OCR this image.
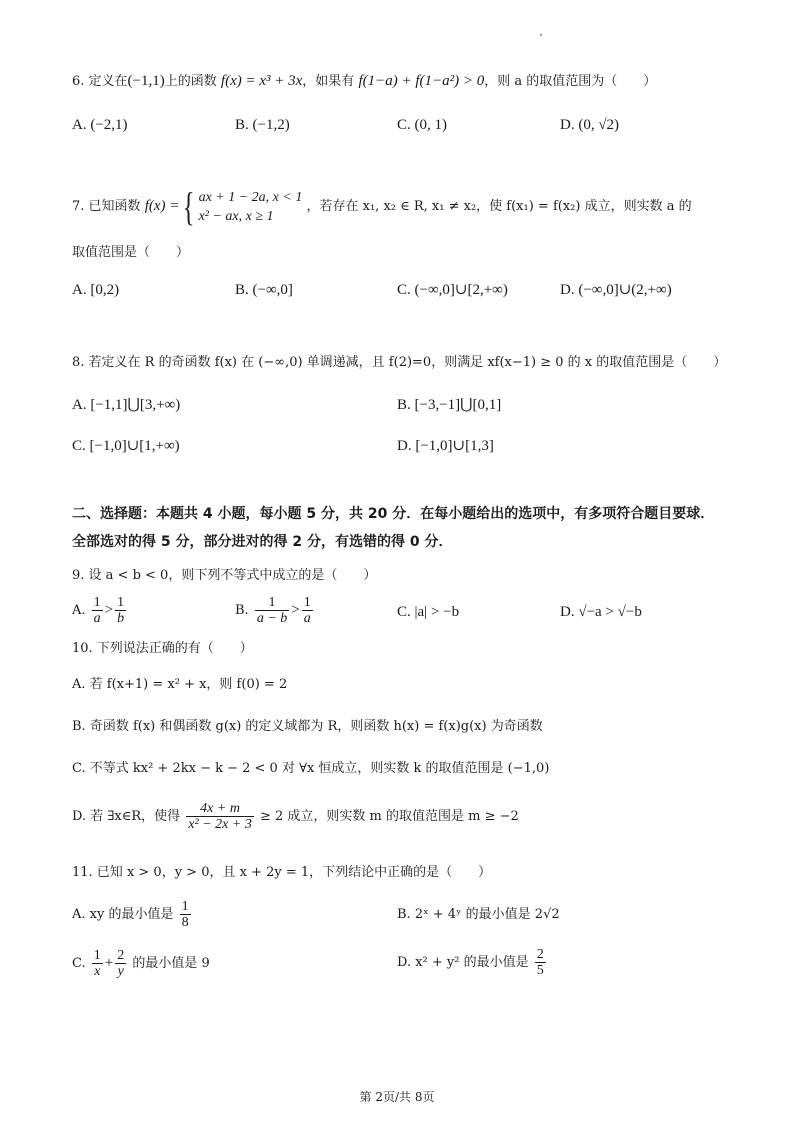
6. 定义在(−1,1)上的函数 f(x) = x³ + 3x，如果有 f(1−a) + f(1−a²) > 0，则 a 的取值范围为（　　）
A. (−2,1)	B. (−1,2)	C. (0, 1)	D. (0, √2)
7. 已知函数 f(x) ={ ax + 1 − 2a, x < 1
x² − ax, x ≥ 1
，若存在 x₁, x₂ ∈ R, x₁ ≠ x₂，使 f(x₁) = f(x₂) 成立，则实数 a 的
取值范围是（　　）
A. [0,2)	B. (−∞,0]	C. (−∞,0]∪[2,+∞)	D. (−∞,0]∪(2,+∞)
8. 若定义在 R 的奇函数 f(x) 在 (−∞,0) 单调递减，且 f(2)=0，则满足 xf(x−1) ≥ 0 的 x 的取值范围是（　　）
A. [−1,1]⋃[3,+∞)	B. [−3,−1]⋃[0,1]
C. [−1,0]∪[1,+∞)	D. [−1,0]∪[1,3]
二、选择题：本题共 4 小题，每小题 5 分，共 20 分．在每小题给出的选项中，有多项符合题目要球．全部选对的得 5 分，部分进对的得 2 分，有选错的得 0 分．
9. 设 a < b < 0，则下列不等式中成立的是（　　）
A. $\frac{1}{a} > \frac{1}{b}$	B. $\frac{1}{a - b} > \frac{1}{a}$	C. |a| > −b	D. √−a > √−b
10. 下列说法正确的有（　　）
A. 若 f(x+1) = x² + x，则 f(0) = 2
B. 奇函数 f(x) 和偶函数 g(x) 的定义域都为 R，则函数 h(x) = f(x)g(x) 为奇函数
C. 不等式 kx² + 2kx − k − 2 < 0 对 ∀x 恒成立，则实数 k 的取值范围是 (−1,0)
D. 若 ∃x∈R，使得 $\frac{4x + m}{\text{x² − 2x + 3}} \ge 2$ 成立，则实数 m 的取值范围是 m ≥ −2
11. 已知 x > 0，y > 0，且 x + 2y = 1，下列结论中正确的是（　　）
A. xy 的最小值是 $\frac{1}{8}$	B. 2ˣ + 4ʸ 的最小值是 2√2
C. $\frac{1}{x} + \frac{2}{y}$ 的最小值是 9	D. x² + y² 的最小值是 $\frac{2}{5}$
第 2页/共 8页
